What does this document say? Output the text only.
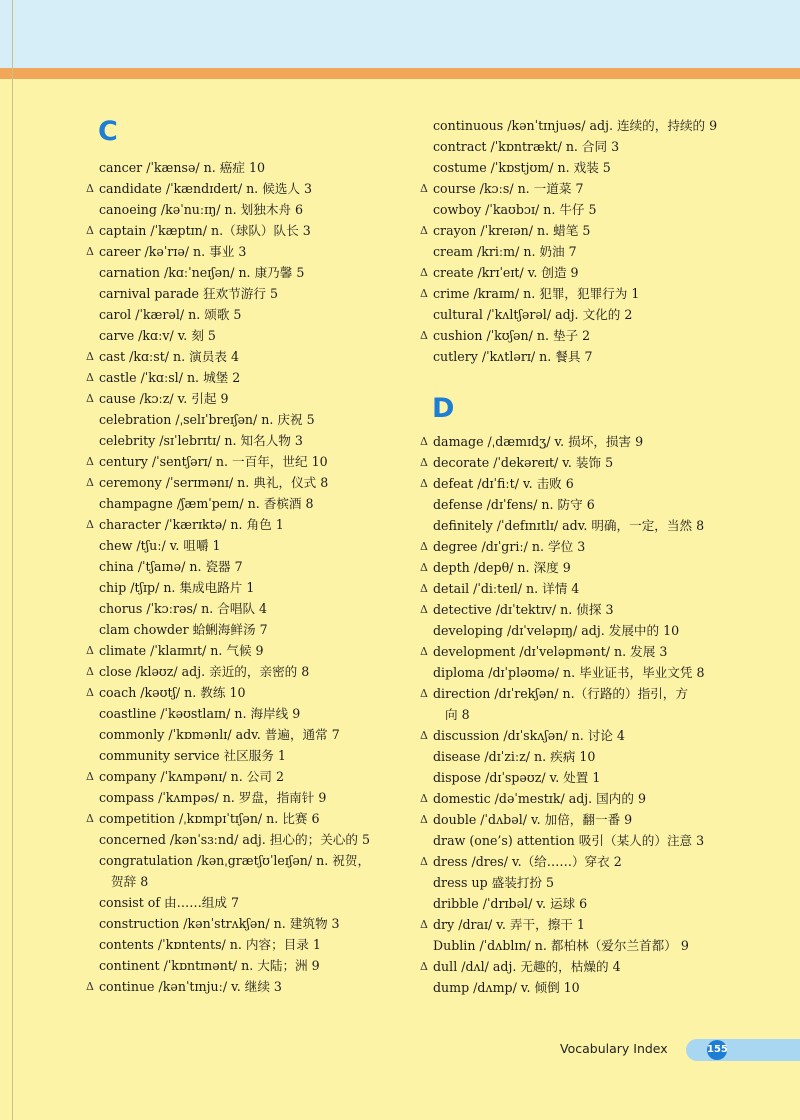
C
cancer /ˈkænsə/ n. 癌症 10
Δ candidate /ˈkændɪdeɪt/ n. 候选人 3
canoeing /kəˈnuːɪŋ/ n. 划独木舟 6
Δ captain /ˈkæptɪn/ n.（球队）队长 3
Δ career /kəˈrɪə/ n. 事业 3
carnation /kɑːˈneɪʃən/ n. 康乃馨 5
carnival parade 狂欢节游行 5
carol /ˈkærəl/ n. 颂歌 5
carve /kɑːv/ v. 刻 5
Δ cast /kɑːst/ n. 演员表 4
Δ castle /ˈkɑːsl/ n. 城堡 2
Δ cause /kɔːz/ v. 引起 9
celebration /ˌselɪˈbreɪʃən/ n. 庆祝 5
celebrity /sɪˈlebrɪtɪ/ n. 知名人物 3
Δ century /ˈsentʃərɪ/ n. 一百年，世纪 10
Δ ceremony /ˈserɪmənɪ/ n. 典礼，仪式 8
champagne /ʃæmˈpeɪn/ n. 香槟酒 8
Δ character /ˈkærɪktə/ n. 角色 1
chew /tʃuː/ v. 咀嚼 1
china /ˈtʃaɪnə/ n. 瓷器 7
chip /tʃɪp/ n. 集成电路片 1
chorus /ˈkɔːrəs/ n. 合唱队 4
clam chowder 蛤蜊海鲜汤 7
Δ climate /ˈklaɪmɪt/ n. 气候 9
Δ close /kləʊz/ adj. 亲近的，亲密的 8
Δ coach /kəʊtʃ/ n. 教练 10
coastline /ˈkəʊstlaɪn/ n. 海岸线 9
commonly /ˈkɒmənlɪ/ adv. 普遍，通常 7
community service 社区服务 1
Δ company /ˈkʌmpənɪ/ n. 公司 2
compass /ˈkʌmpəs/ n. 罗盘，指南针 9
Δ competition /ˌkɒmpɪˈtɪʃən/ n. 比赛 6
concerned /kənˈsɜːnd/ adj. 担心的；关心的 5
congratulation /kənˌgrætʃʊˈleɪʃən/ n. 祝贺，
贺辞 8
consist of 由……组成 7
construction /kənˈstrʌkʃən/ n. 建筑物 3
contents /ˈkɒntents/ n. 内容；目录 1
continent /ˈkɒntɪnənt/ n. 大陆；洲 9
Δ continue /kənˈtɪnjuː/ v. 继续 3
D
continuous /kənˈtɪnjuəs/ adj. 连续的，持续的 9
contract /ˈkɒntrækt/ n. 合同 3
costume /ˈkɒstjʊm/ n. 戏装 5
Δ course /kɔːs/ n. 一道菜 7
cowboy /ˈkaʊbɔɪ/ n. 牛仔 5
Δ crayon /ˈkreɪən/ n. 蜡笔 5
cream /kriːm/ n. 奶油 7
Δ create /krɪˈeɪt/ v. 创造 9
Δ crime /kraɪm/ n. 犯罪，犯罪行为 1
cultural /ˈkʌltʃərəl/ adj. 文化的 2
Δ cushion /ˈkʊʃən/ n. 垫子 2
cutlery /ˈkʌtlərɪ/ n. 餐具 7
Δ damage /ˌdæmɪdʒ/ v. 损坏，损害 9
Δ decorate /ˈdekəreɪt/ v. 装饰 5
Δ defeat /dɪˈfiːt/ v. 击败 6
defense /dɪˈfens/ n. 防守 6
definitely /ˈdefɪnɪtlɪ/ adv. 明确，一定，当然 8
Δ degree /dɪˈgriː/ n. 学位 3
Δ depth /depθ/ n. 深度 9
Δ detail /ˈdiːteɪl/ n. 详情 4
Δ detective /dɪˈtektɪv/ n. 侦探 3
developing /dɪˈveləpɪŋ/ adj. 发展中的 10
Δ development /dɪˈveləpmənt/ n. 发展 3
diploma /dɪˈpləʊmə/ n. 毕业证书，毕业文凭 8
Δ direction /dɪˈrekʃən/ n.（行路的）指引，方
向 8
Δ discussion /dɪˈskʌʃən/ n. 讨论 4
disease /dɪˈziːz/ n. 疾病 10
dispose /dɪˈspəʊz/ v. 处置 1
Δ domestic /dəˈmestɪk/ adj. 国内的 9
Δ double /ˈdʌbəl/ v. 加倍，翻一番 9
draw (one’s) attention 吸引（某人的）注意 3
Δ dress /dres/ v.（给……）穿衣 2
dress up 盛装打扮 5
dribble /ˈdrɪbəl/ v. 运球 6
Δ dry /draɪ/ v. 弄干，擦干 1
Dublin /ˈdʌblɪn/ n. 都柏林（爱尔兰首都） 9
Δ dull /dʌl/ adj. 无趣的，枯燥的 4
dump /dʌmp/ v. 倾倒 10
Vocabulary Index	155
